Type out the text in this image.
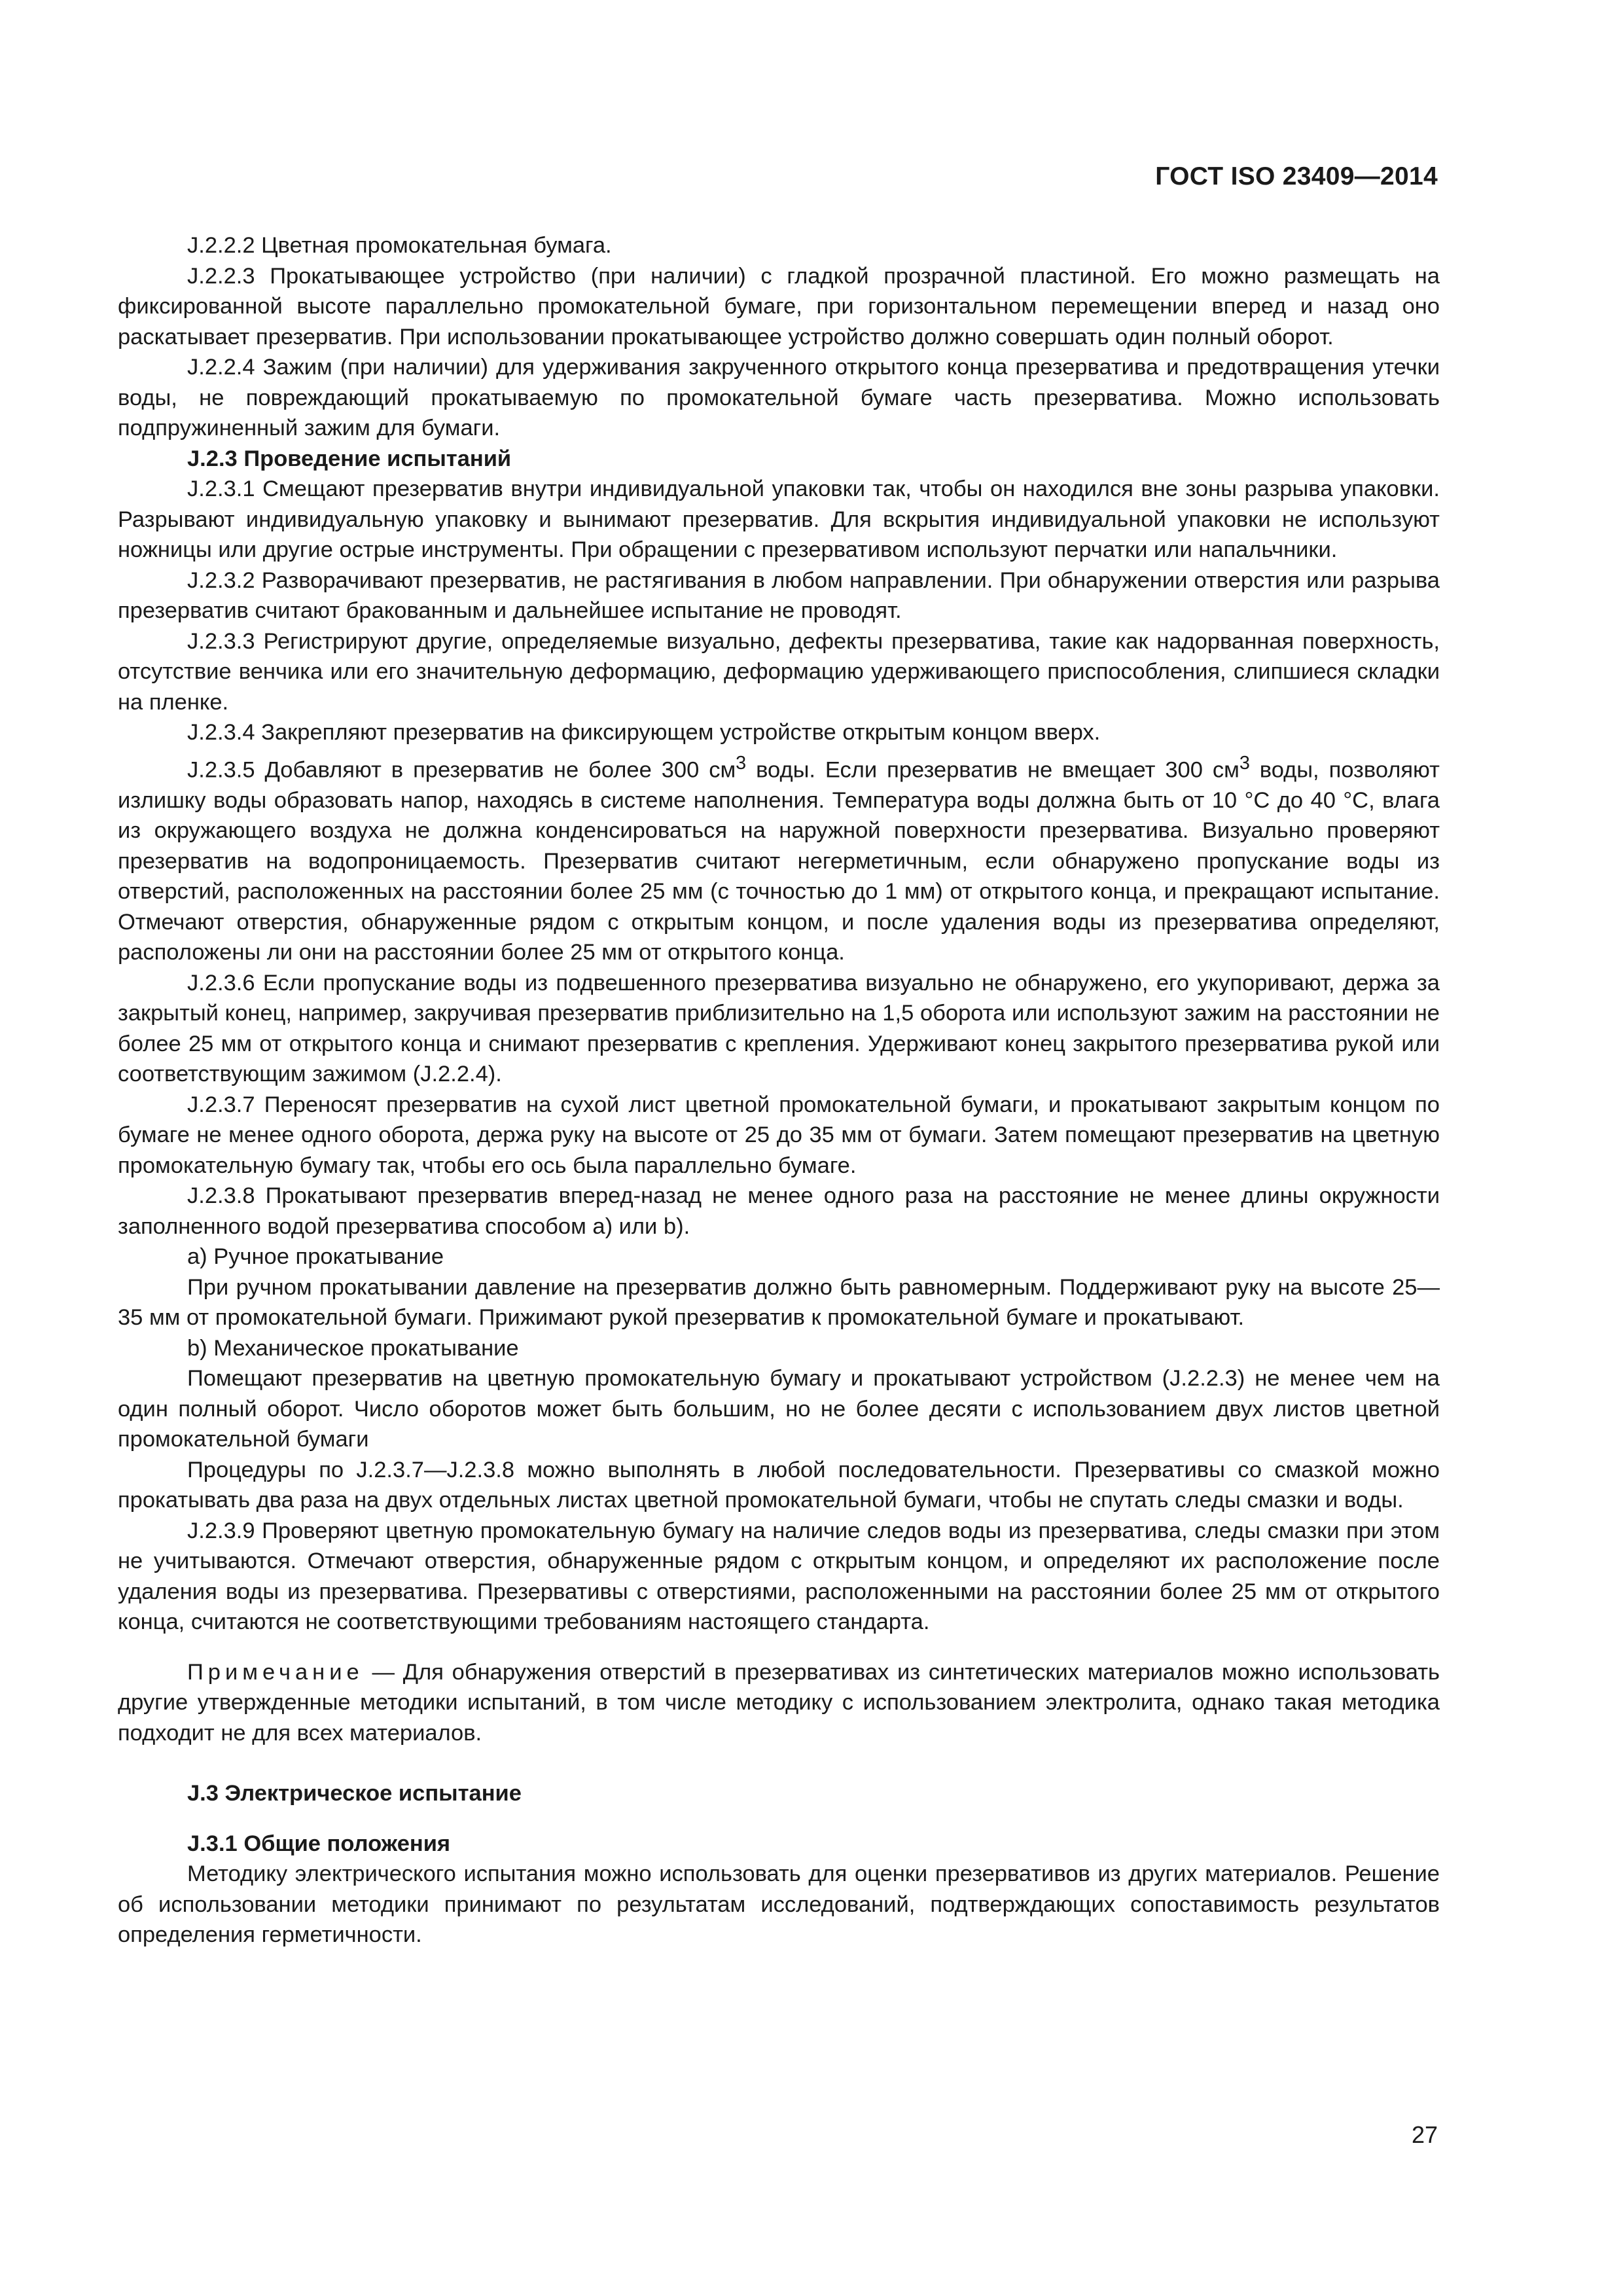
ГОСТ ISO 23409—2014

J.2.2.2 Цветная промокательная бумага.

J.2.2.3 Прокатывающее устройство (при наличии) с гладкой прозрачной пластиной. Его можно размещать на фиксированной высоте параллельно промокательной бумаге, при горизонтальном перемещении вперед и назад оно раскатывает презерватив. При использовании прокатывающее устройство должно совершать один полный оборот.

J.2.2.4 Зажим (при наличии) для удерживания закрученного открытого конца презерватива и предотвращения утечки воды, не повреждающий прокатываемую по промокательной бумаге часть презерватива. Можно использовать подпружиненный зажим для бумаги.

J.2.3 Проведение испытаний

J.2.3.1 Смещают презерватив внутри индивидуальной упаковки так, чтобы он находился вне зоны разрыва упаковки. Разрывают индивидуальную упаковку и вынимают презерватив. Для вскрытия индивидуальной упаковки не используют ножницы или другие острые инструменты. При обращении с презервативом используют перчатки или напальчники.

J.2.3.2 Разворачивают презерватив, не растягивания в любом направлении. При обнаружении отверстия или разрыва презерватив считают бракованным и дальнейшее испытание не проводят.

J.2.3.3 Регистрируют другие, определяемые визуально, дефекты презерватива, такие как надорванная поверхность, отсутствие венчика или его значительную деформацию, деформацию удерживающего приспособления, слипшиеся складки на пленке.

J.2.3.4 Закрепляют презерватив на фиксирующем устройстве открытым концом вверх.

J.2.3.5 Добавляют в презерватив не более 300 $см^3$ воды. Если презерватив не вмещает 300 $см^3$ воды, позволяют излишку воды образовать напор, находясь в системе наполнения. Температура воды должна быть от 10 °С до 40 °С, влага из окружающего воздуха не должна конденсироваться на наружной поверхности презерватива. Визуально проверяют презерватив на водопроницаемость. Презерватив считают негерметичным, если обнаружено пропускание воды из отверстий, расположенных на расстоянии более 25 мм (с точностью до 1 мм) от открытого конца, и прекращают испытание. Отмечают отверстия, обнаруженные рядом с открытым концом, и после удаления воды из презерватива определяют, расположены ли они на расстоянии более 25 мм от открытого конца.

J.2.3.6 Если пропускание воды из подвешенного презерватива визуально не обнаружено, его укупоривают, держа за закрытый конец, например, закручивая презерватив приблизительно на 1,5 оборота или используют зажим на расстоянии не более 25 мм от открытого конца и снимают презерватив с крепления. Удерживают конец закрытого презерватива рукой или соответствующим зажимом (J.2.2.4).

J.2.3.7 Переносят презерватив на сухой лист цветной промокательной бумаги, и прокатывают закрытым концом по бумаге не менее одного оборота, держа руку на высоте от 25 до 35 мм от бумаги. Затем помещают презерватив на цветную промокательную бумагу так, чтобы его ось была параллельно бумаге.

J.2.3.8 Прокатывают презерватив вперед-назад не менее одного раза на расстояние не менее длины окружности заполненного водой презерватива способом а) или b).

а) Ручное прокатывание

При ручном прокатывании давление на презерватив должно быть равномерным. Поддерживают руку на высоте 25—35 мм от промокательной бумаги. Прижимают рукой презерватив к промокательной бумаге и прокатывают.

b) Механическое прокатывание

Помещают презерватив на цветную промокательную бумагу и прокатывают устройством (J.2.2.3) не менее чем на один полный оборот. Число оборотов может быть большим, но не более десяти с использованием двух листов цветной промокательной бумаги

Процедуры по J.2.3.7—J.2.3.8 можно выполнять в любой последовательности. Презервативы со смазкой можно прокатывать два раза на двух отдельных листах цветной промокательной бумаги, чтобы не спутать следы смазки и воды.

J.2.3.9 Проверяют цветную промокательную бумагу на наличие следов воды из презерватива, следы смазки при этом не учитываются. Отмечают отверстия, обнаруженные рядом с открытым концом, и определяют их расположение после удаления воды из презерватива. Презервативы с отверстиями, расположенными на расстоянии более 25 мм от открытого конца, считаются не соответствующими требованиям настоящего стандарта.

Примечание — Для обнаружения отверстий в презервативах из синтетических материалов можно использовать другие утвержденные методики испытаний, в том числе методику с использованием электролита, однако такая методика подходит не для всех материалов.

J.3 Электрическое испытание

J.3.1 Общие положения

Методику электрического испытания можно использовать для оценки презервативов из других материалов. Решение об использовании методики принимают по результатам исследований, подтверждающих сопоставимость результатов определения герметичности.

27
